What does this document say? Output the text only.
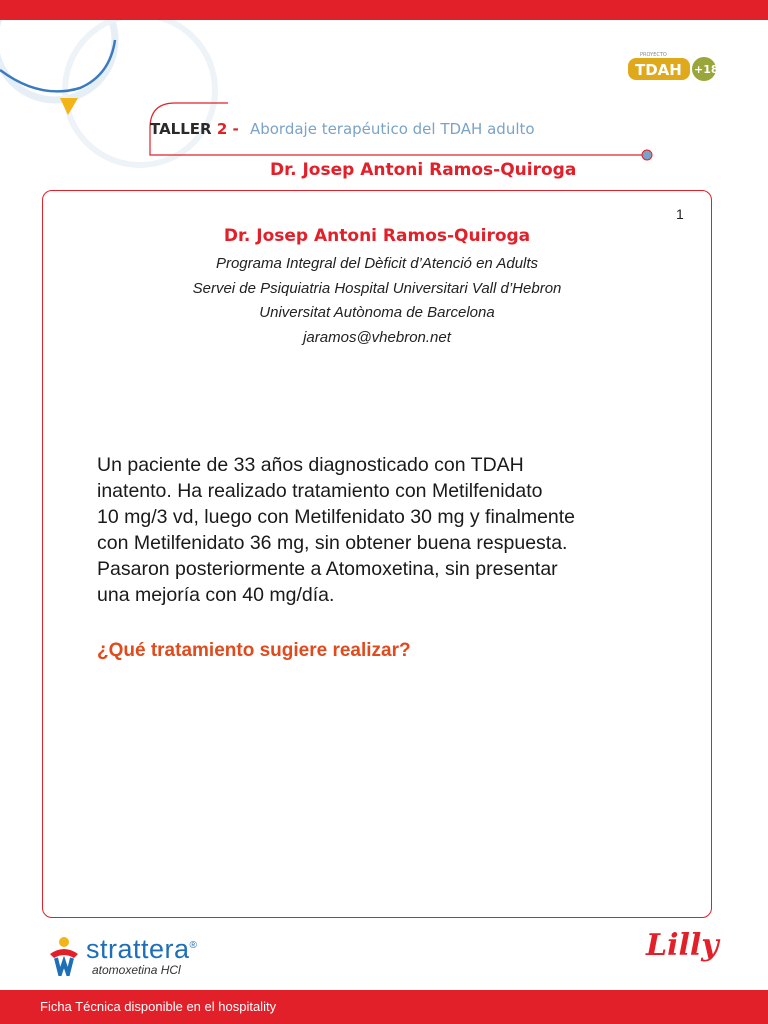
PROYECTO
TDAH +18
TALLER 2 - Abordaje terapéutico del TDAH adulto
Dr. Josep Antoni Ramos-Quiroga
1
Dr. Josep Antoni Ramos-Quiroga
Programa Integral del Dèficit d’Atenció en Adults
Servei de Psiquiatria Hospital Universitari Vall d’Hebron
Universitat Autònoma de Barcelona
jaramos@vhebron.net
Un paciente de 33 años diagnosticado con TDAH
inatento. Ha realizado tratamiento con Metilfenidato
10 mg/3 vd, luego con Metilfenidato 30 mg y finalmente
con Metilfenidato 36 mg, sin obtener buena respuesta.
Pasaron posteriormente a Atomoxetina, sin presentar
una mejoría con 40 mg/día.
¿Qué tratamiento sugiere realizar?
strattera®
atomoxetina HCl
Lilly
Ficha Técnica disponible en el hospitality
